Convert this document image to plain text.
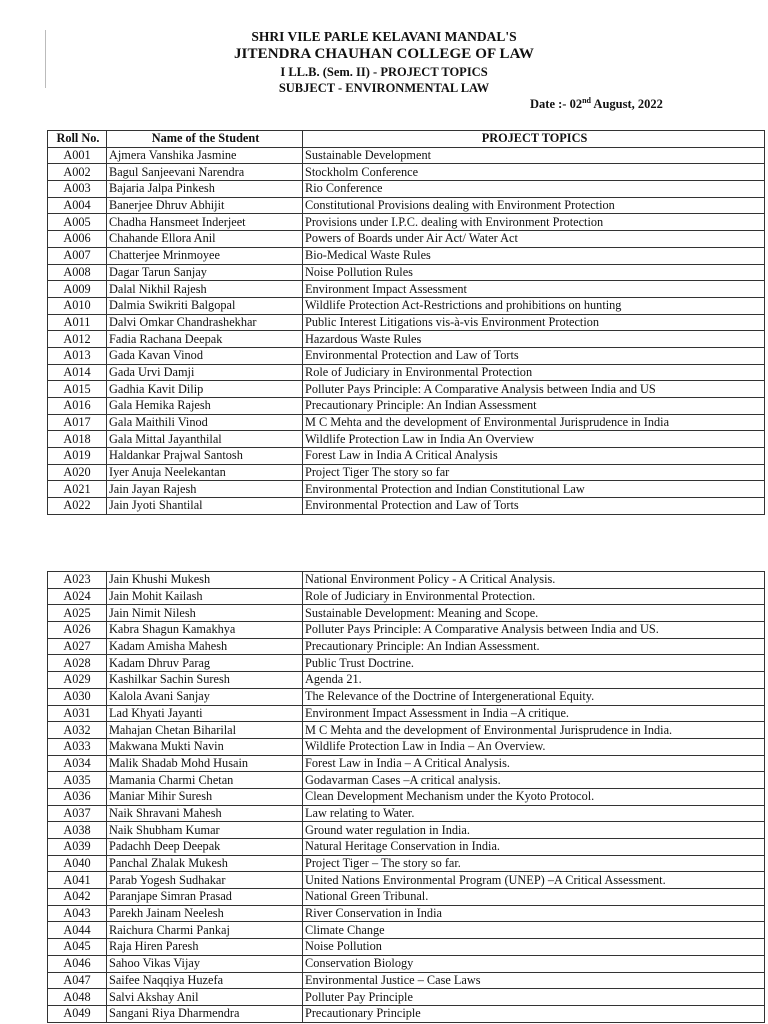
SHRI VILE PARLE KELAVANI MANDAL'S
JITENDRA CHAUHAN COLLEGE OF LAW
I LL.B. (Sem. II) - PROJECT TOPICS
SUBJECT - ENVIRONMENTAL LAW
Date :- 02nd August, 2022
Roll No.	Name of the Student	PROJECT TOPICS
A001	Ajmera Vanshika Jasmine	Sustainable Development
A002	Bagul Sanjeevani Narendra	Stockholm Conference
A003	Bajaria Jalpa Pinkesh	Rio Conference
A004	Banerjee Dhruv Abhijit	Constitutional Provisions dealing with Environment Protection
A005	Chadha Hansmeet Inderjeet	Provisions under I.P.C. dealing with Environment Protection
A006	Chahande Ellora Anil	Powers of Boards under Air Act/ Water Act
A007	Chatterjee Mrinmoyee	Bio-Medical Waste Rules
A008	Dagar Tarun Sanjay	Noise Pollution Rules
A009	Dalal Nikhil Rajesh	Environment Impact Assessment
A010	Dalmia Swikriti Balgopal	Wildlife Protection Act-Restrictions and prohibitions on hunting
A011	Dalvi Omkar Chandrashekhar	Public Interest Litigations vis-à-vis Environment Protection
A012	Fadia Rachana Deepak	Hazardous Waste Rules
A013	Gada Kavan Vinod	Environmental Protection and Law of Torts
A014	Gada Urvi Damji	Role of Judiciary in Environmental Protection
A015	Gadhia Kavit Dilip	Polluter Pays Principle: A Comparative Analysis between India and US
A016	Gala Hemika Rajesh	Precautionary Principle: An Indian Assessment
A017	Gala Maithili Vinod	M C Mehta and the development of Environmental Jurisprudence in India
A018	Gala Mittal Jayanthilal	Wildlife Protection Law in India An Overview
A019	Haldankar Prajwal Santosh	Forest Law in India A Critical Analysis
A020	Iyer Anuja Neelekantan	Project Tiger The story so far
A021	Jain Jayan Rajesh	Environmental Protection and Indian Constitutional Law
A022	Jain Jyoti Shantilal	Environmental Protection and Law of Torts
A023	Jain Khushi Mukesh	National Environment Policy - A Critical Analysis.
A024	Jain Mohit Kailash	Role of Judiciary in Environmental Protection.
A025	Jain Nimit Nilesh	Sustainable Development: Meaning and Scope.
A026	Kabra Shagun Kamakhya	Polluter Pays Principle: A Comparative Analysis between India and US.
A027	Kadam Amisha Mahesh	Precautionary Principle: An Indian Assessment.
A028	Kadam Dhruv Parag	Public Trust Doctrine.
A029	Kashilkar Sachin Suresh	Agenda 21.
A030	Kalola Avani Sanjay	The Relevance of the Doctrine of Intergenerational Equity.
A031	Lad Khyati Jayanti	Environment Impact Assessment in India –A critique.
A032	Mahajan Chetan Biharilal	M C Mehta and the development of Environmental Jurisprudence in India.
A033	Makwana Mukti Navin	Wildlife Protection Law in India – An Overview.
A034	Malik Shadab Mohd Husain	Forest Law in India – A Critical Analysis.
A035	Mamania Charmi Chetan	Godavarman Cases –A critical analysis.
A036	Maniar Mihir Suresh	Clean Development Mechanism under the Kyoto Protocol.
A037	Naik Shravani Mahesh	Law relating to Water.
A038	Naik Shubham Kumar	Ground water regulation in India.
A039	Padachh Deep Deepak	Natural Heritage Conservation in India.
A040	Panchal Zhalak Mukesh	Project Tiger – The story so far.
A041	Parab Yogesh Sudhakar	United Nations Environmental Program (UNEP) –A Critical Assessment.
A042	Paranjape Simran Prasad	National Green Tribunal.
A043	Parekh Jainam Neelesh	River Conservation in India
A044	Raichura Charmi Pankaj	Climate Change
A045	Raja Hiren Paresh	Noise Pollution
A046	Sahoo Vikas Vijay	Conservation Biology
A047	Saifee Naqqiya Huzefa	Environmental Justice – Case Laws
A048	Salvi Akshay Anil	Polluter Pay Principle
A049	Sangani Riya Dharmendra	Precautionary Principle
